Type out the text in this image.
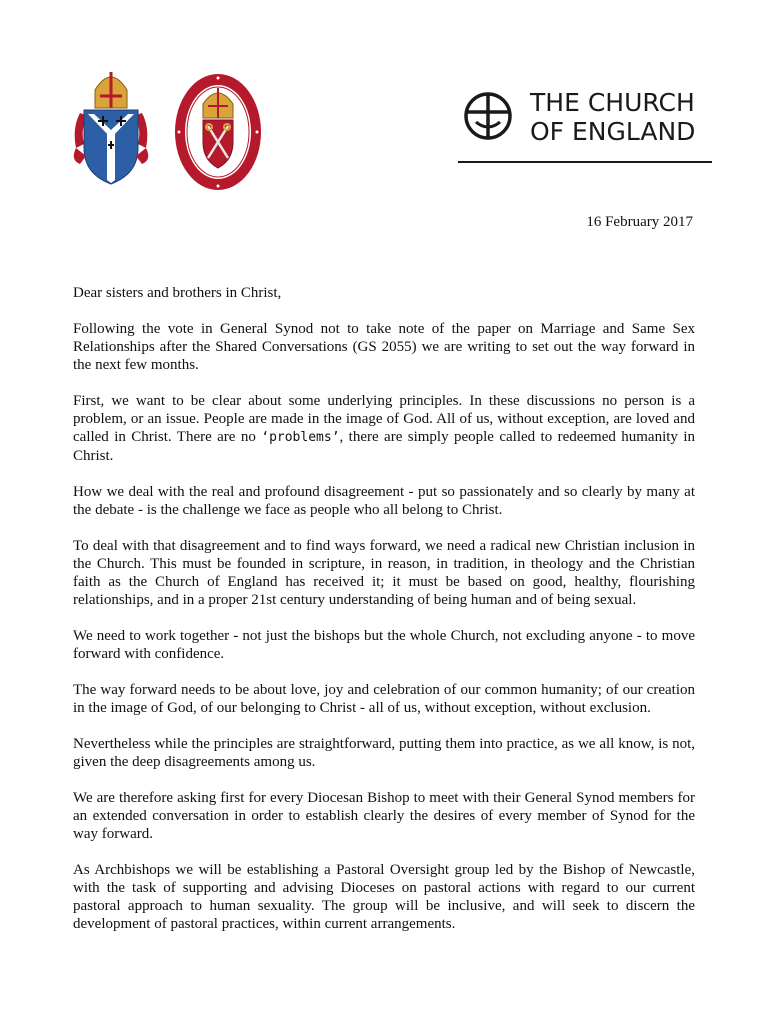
THE CHURCH
OF ENGLAND
16 February 2017
Dear sisters and brothers in Christ,

Following the vote in General Synod not to take note of the paper on Marriage and Same Sex Relationships after the Shared Conversations (GS 2055) we are writing to set out the way forward in the next few months.

First, we want to be clear about some underlying principles. In these discussions no person is a problem, or an issue. People are made in the image of God. All of us, without exception, are loved and called in Christ. There are no ‘problems’, there are simply people called to redeemed humanity in Christ.

How we deal with the real and profound disagreement - put so passionately and so clearly by many at the debate - is the challenge we face as people who all belong to Christ.

To deal with that disagreement and to find ways forward, we need a radical new Christian inclusion in the Church. This must be founded in scripture, in reason, in tradition, in theology and the Christian faith as the Church of England has received it; it must be based on good, healthy, flourishing relationships, and in a proper 21st century understanding of being human and of being sexual.

We need to work together - not just the bishops but the whole Church, not excluding anyone - to move forward with confidence.

The way forward needs to be about love, joy and celebration of our common humanity; of our creation in the image of God, of our belonging to Christ - all of us, without exception, without exclusion.

Nevertheless while the principles are straightforward, putting them into practice, as we all know, is not, given the deep disagreements among us.

We are therefore asking first for every Diocesan Bishop to meet with their General Synod members for an extended conversation in order to establish clearly the desires of every member of Synod for the way forward.

As Archbishops we will be establishing a Pastoral Oversight group led by the Bishop of Newcastle, with the task of supporting and advising Dioceses on pastoral actions with regard to our current pastoral approach to human sexuality. The group will be inclusive, and will seek to discern the development of pastoral practices, within current arrangements.
